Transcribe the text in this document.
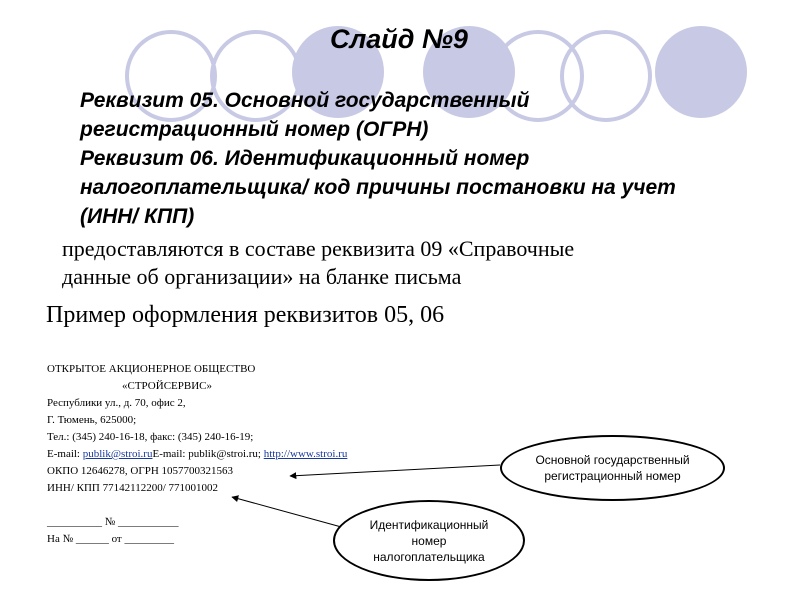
Слайд №9
Реквизит 05. Основной государственный
регистрационный номер (ОГРН)
Реквизит 06. Идентификационный номер
налогоплательщика/ код причины постановки на учет
(ИНН/ КПП)
предоставляются в составе реквизита 09 «Справочные
данные об организации» на бланке письма
Пример оформления реквизитов 05, 06
ОТКРЫТОЕ АКЦИОНЕРНОЕ ОБЩЕСТВО
«СТРОЙСЕРВИС»
Республики ул., д. 70, офис 2,
Г. Тюмень, 625000;
Тел.: (345) 240-16-18, факс: (345) 240-16-19;
E-mail: publik@stroi.ruE-mail: publik@stroi.ru; http://www.stroi.ru
ОКПО 12646278, ОГРН 1057700321563
ИНН/ КПП 77142112200/ 771001002
__________ № ___________
На № ______ от _________
Основной государственный
регистрационный номер
Идентификационный
номер
налогоплательщика
